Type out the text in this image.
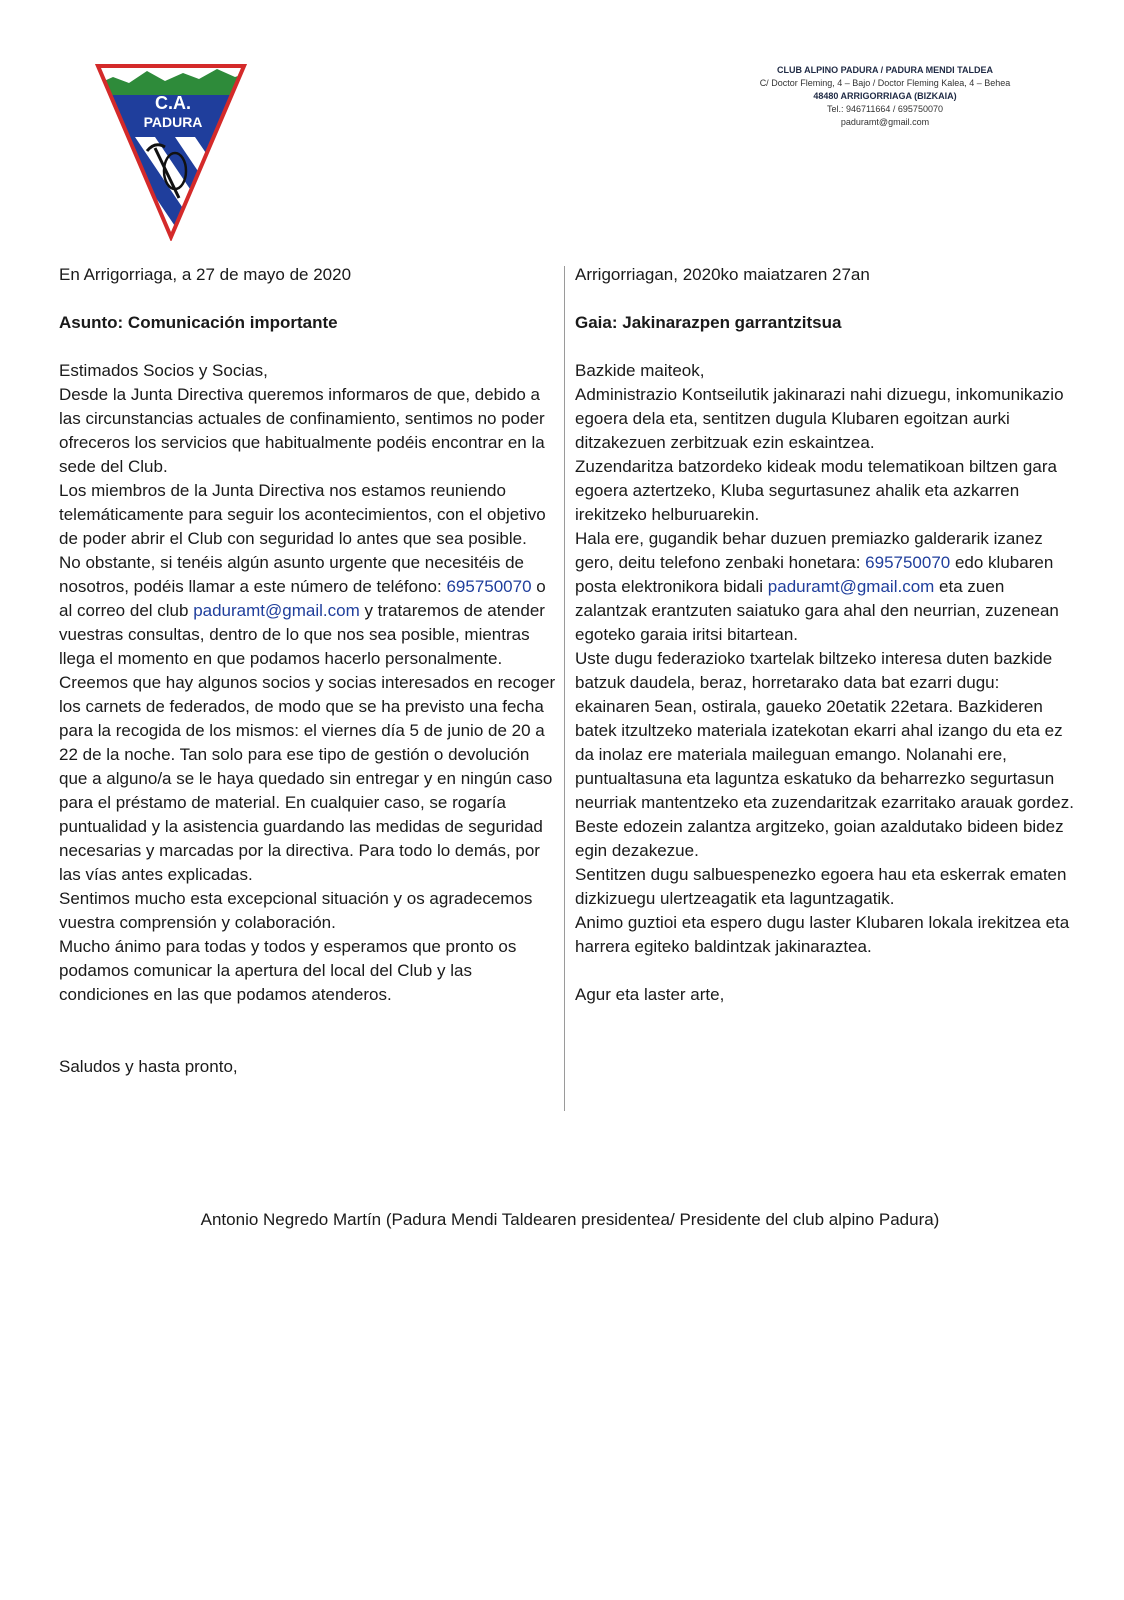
C.A.
PADURA
CLUB ALPINO PADURA / PADURA MENDI TALDEA
C/ Doctor Fleming, 4 – Bajo / Doctor Fleming Kalea, 4 – Behea
48480 ARRIGORRIAGA (BIZKAIA)
Tel.: 946711664 / 695750070
paduramt@gmail.com

En Arrigorriaga, a 27 de mayo de 2020

Asunto: Comunicación importante

Estimados Socios y Socias,

Desde la Junta Directiva queremos informaros de que, debido a las circunstancias actuales de confinamiento, sentimos no poder ofreceros los servicios que habitualmente podéis encontrar en la sede del Club.

Los miembros de la Junta Directiva nos estamos reuniendo telemáticamente para seguir los acontecimientos, con el objetivo de poder abrir el Club con seguridad lo antes que sea posible.

No obstante, si tenéis algún asunto urgente que necesitéis de nosotros, podéis llamar a este número de teléfono: 695750070 o al correo del club paduramt@gmail.com y trataremos de atender vuestras consultas, dentro de lo que nos sea posible, mientras llega el momento en que podamos hacerlo personalmente.

Creemos que hay algunos socios y socias interesados en recoger los carnets de federados, de modo que se ha previsto una fecha para la recogida de los mismos: el viernes día 5 de junio de 20 a 22 de la noche. Tan solo para ese tipo de gestión o devolución que a alguno/a se le haya quedado sin entregar y en ningún caso para el préstamo de material. En cualquier caso, se rogaría puntualidad y la asistencia guardando las medidas de seguridad necesarias y marcadas por la directiva. Para todo lo demás, por las vías antes explicadas.

Sentimos mucho esta excepcional situación y os agradecemos vuestra comprensión y colaboración.

Mucho ánimo para todas y todos y esperamos que pronto os podamos comunicar la apertura del local del Club y las condiciones en las que podamos atenderos.

Saludos y hasta pronto,

Arrigorriagan, 2020ko maiatzaren 27an

Gaia: Jakinarazpen garrantzitsua

Bazkide maiteok,

Administrazio Kontseilutik jakinarazi nahi dizuegu, inkomunikazio egoera dela eta, sentitzen dugula Klubaren egoitzan aurki ditzakezuen zerbitzuak ezin eskaintzea.

Zuzendaritza batzordeko kideak modu telematikoan biltzen gara egoera aztertzeko, Kluba segurtasunez ahalik eta azkarren irekitzeko helburuarekin.

Hala ere, gugandik behar duzuen premiazko galderarik izanez gero, deitu telefono zenbaki honetara: 695750070 edo klubaren posta elektronikora bidali paduramt@gmail.com eta zuen zalantzak erantzuten saiatuko gara ahal den neurrian, zuzenean egoteko garaia iritsi bitartean.

Uste dugu federazioko txartelak biltzeko interesa duten bazkide batzuk daudela, beraz, horretarako data bat ezarri dugu: ekainaren 5ean, ostirala, gaueko 20etatik 22etara. Bazkideren batek itzultzeko materiala izatekotan ekarri ahal izango du eta ez da inolaz ere materiala maileguan emango. Nolanahi ere, puntualtasuna eta laguntza eskatuko da beharrezko segurtasun neurriak mantentzeko eta zuzendaritzak ezarritako arauak gordez. Beste edozein zalantza argitzeko, goian azaldutako bideen bidez egin dezakezue.

Sentitzen dugu salbuespenezko egoera hau eta eskerrak ematen dizkizuegu ulertzeagatik eta laguntzagatik.

Animo guztioi eta espero dugu laster Klubaren lokala irekitzea eta harrera egiteko baldintzak jakinaraztea.

Agur eta laster arte,

Antonio Negredo Martín (Padura Mendi Taldearen presidentea/ Presidente del club alpino Padura)
